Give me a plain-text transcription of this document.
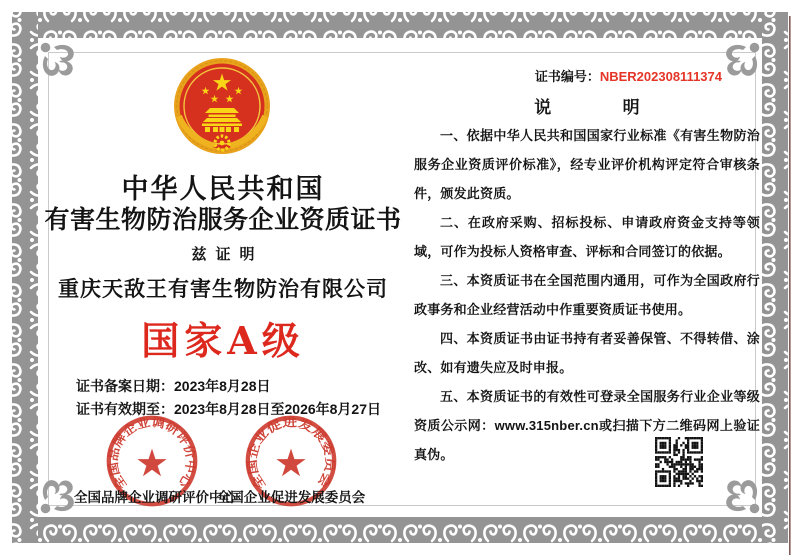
中华人民共和国
有害生物防治服务企业资质证书
兹证明
重庆天敌王有害生物防治有限公司
国家A级
证书备案日期：2023年8月28日
证书有效期至：2023年8月28日至2026年8月27日
全国品牌企业调研评价中心	全国企业促进发展委员会
全国品牌企业调研评价中心
全国企业促进发展委员会
证书编号：NBER202308111374
说明

一、依据中华人民共和国国家行业标准《有害生物防治服务企业资质评价标准》，经专业评价机构评定符合审核条件，颁发此资质。

二、在政府采购、招标投标、申请政府资金支持等领域，可作为投标人资格审查、评标和合同签订的依据。

三、本资质证书在全国范围内通用，可作为全国政府行政事务和企业经营活动中作重要资质证书使用。

四、本资质证书由证书持有者妥善保管、不得转借、涂改、如有遗失应及时申报。

五、本资质证书的有效性可登录全国服务行业企业等级资质公示网：www.315nber.cn或扫描下方二维码网上验证真伪。
